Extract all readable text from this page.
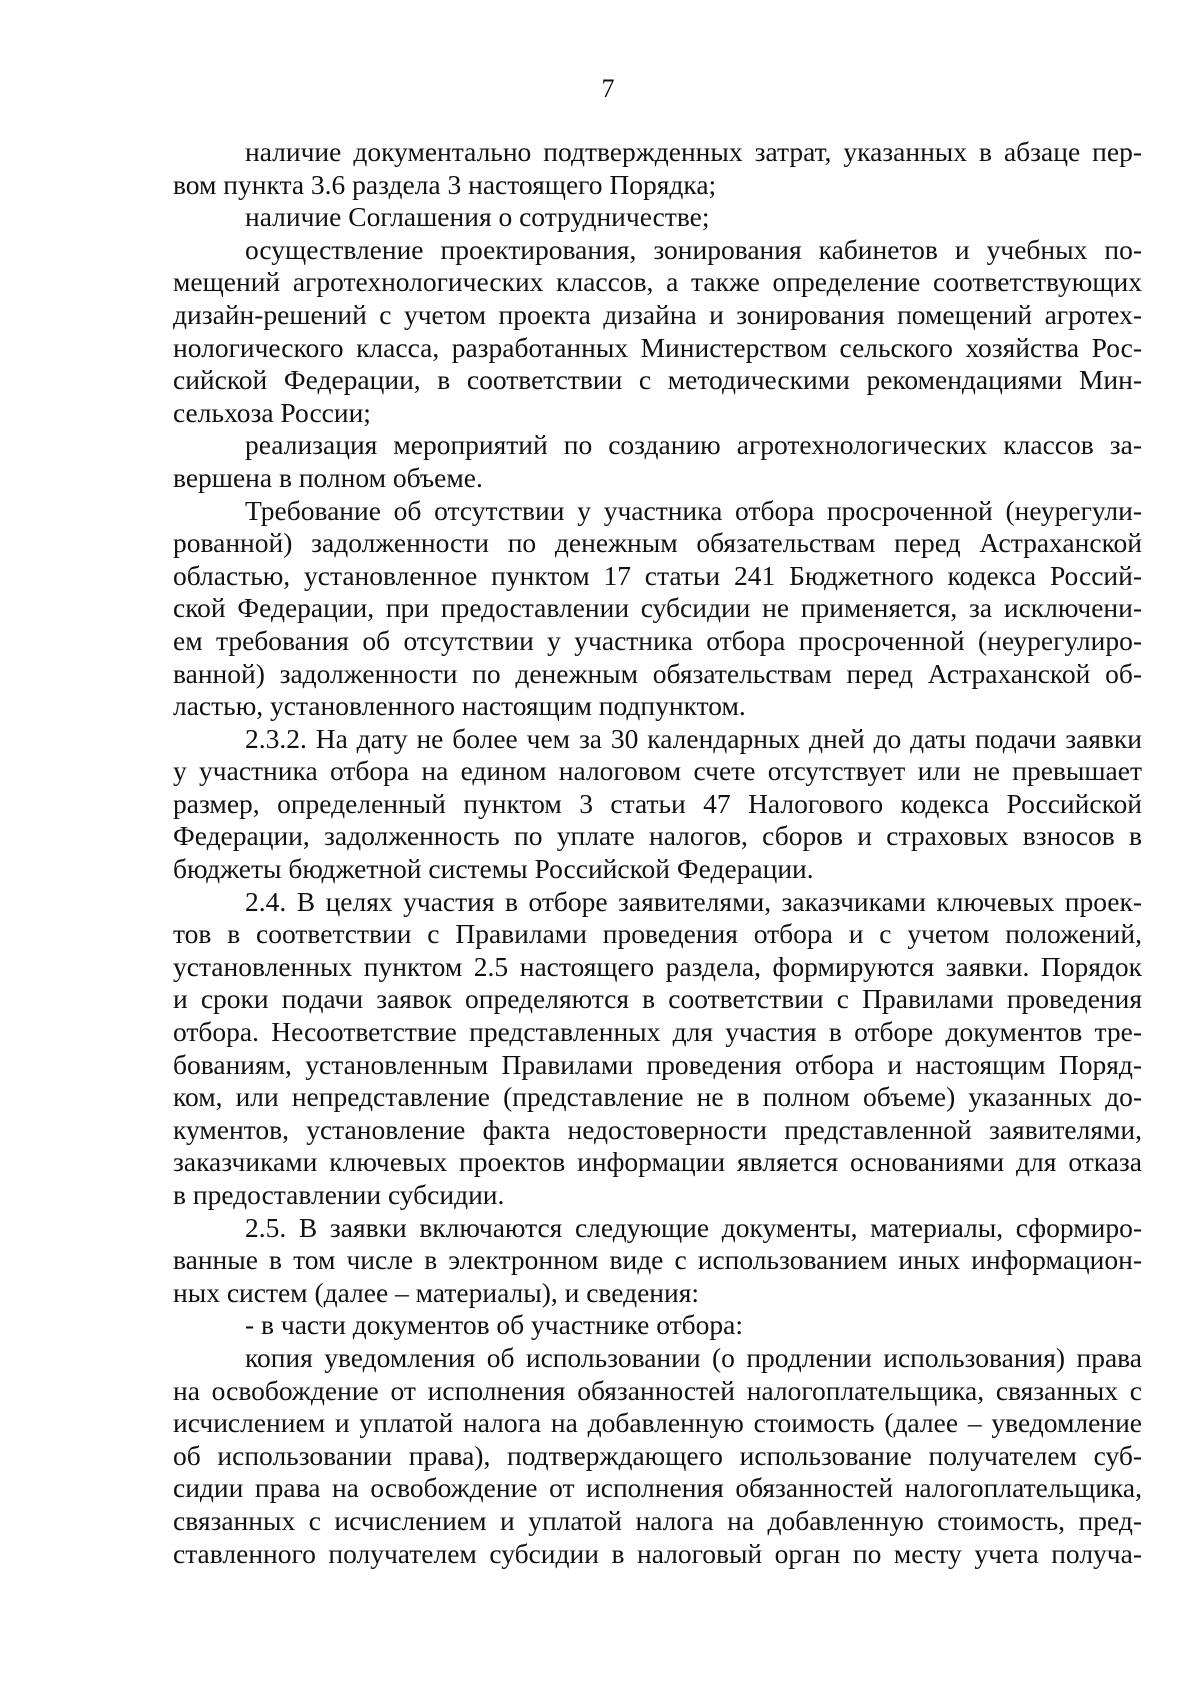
7
наличие документально подтвержденных затрат, указанных в абзаце пер-
вом пункта 3.6 раздела 3 настоящего Порядка;
наличие Соглашения о сотрудничестве;
осуществление проектирования, зонирования кабинетов и учебных по-
мещений агротехнологических классов, а также определение соответствующих
дизайн-решений с учетом проекта дизайна и зонирования помещений агротех-
нологического класса, разработанных Министерством сельского хозяйства Рос-
сийской Федерации, в соответствии с методическими рекомендациями Мин-
сельхоза России;
реализация мероприятий по созданию агротехнологических классов за-
вершена в полном объеме.
Требование об отсутствии у участника отбора просроченной (неурегули-
рованной) задолженности по денежным обязательствам перед Астраханской
областью, установленное пунктом 17 статьи 241 Бюджетного кодекса Россий-
ской Федерации, при предоставлении субсидии не применяется, за исключени-
ем требования об отсутствии у участника отбора просроченной (неурегулиро-
ванной) задолженности по денежным обязательствам перед Астраханской об-
ластью, установленного настоящим подпунктом.
2.3.2. На дату не более чем за 30 календарных дней до даты подачи заявки
у участника отбора на едином налоговом счете отсутствует или не превышает
размер, определенный пунктом 3 статьи 47 Налогового кодекса Российской
Федерации, задолженность по уплате налогов, сборов и страховых взносов в
бюджеты бюджетной системы Российской Федерации.
2.4. В целях участия в отборе заявителями, заказчиками ключевых проек-
тов в соответствии с Правилами проведения отбора и с учетом положений,
установленных пунктом 2.5 настоящего раздела, формируются заявки. Порядок
и сроки подачи заявок определяются в соответствии с Правилами проведения
отбора. Несоответствие представленных для участия в отборе документов тре-
бованиям, установленным Правилами проведения отбора и настоящим Поряд-
ком, или непредставление (представление не в полном объеме) указанных до-
кументов, установление факта недостоверности представленной заявителями,
заказчиками ключевых проектов информации является основаниями для отказа
в предоставлении субсидии.
2.5. В заявки включаются следующие документы, материалы, сформиро-
ванные в том числе в электронном виде с использованием иных информацион-
ных систем (далее – материалы), и сведения:
- в части документов об участнике отбора:
копия уведомления об использовании (о продлении использования) права
на освобождение от исполнения обязанностей налогоплательщика, связанных с
исчислением и уплатой налога на добавленную стоимость (далее – уведомление
об использовании права), подтверждающего использование получателем суб-
сидии права на освобождение от исполнения обязанностей налогоплательщика,
связанных с исчислением и уплатой налога на добавленную стоимость, пред-
ставленного получателем субсидии в налоговый орган по месту учета получа-
